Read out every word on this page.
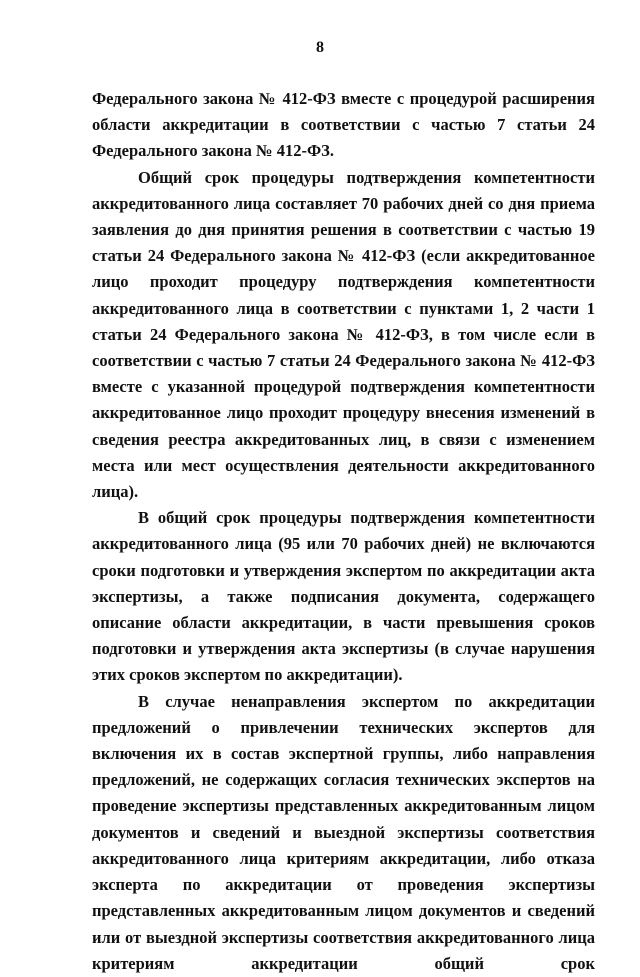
8

Федерального закона № 412-ФЗ вместе с процедурой расширения области аккредитации в соответствии с частью 7 статьи 24 Федерального закона № 412-ФЗ.

Общий срок процедуры подтверждения компетентности аккредитованного лица составляет 70 рабочих дней со дня приема заявления до дня принятия решения в соответствии с частью 19 статьи 24 Федерального закона № 412-ФЗ (если аккредитованное лицо проходит процедуру подтверждения компетентности аккредитованного лица в соответствии с пунктами 1, 2 части 1 статьи 24 Федерального закона № 412-ФЗ, в том числе если в соответствии с частью 7 статьи 24 Федерального закона № 412-ФЗ вместе с указанной процедурой подтверждения компетентности аккредитованное лицо проходит процедуру внесения изменений в сведения реестра аккредитованных лиц, в связи с изменением места или мест осуществления деятельности аккредитованного лица).

В общий срок процедуры подтверждения компетентности аккредитованного лица (95 или 70 рабочих дней) не включаются сроки подготовки и утверждения экспертом по аккредитации акта экспертизы, а также подписания документа, содержащего описание области аккредитации, в части превышения сроков подготовки и утверждения акта экспертизы (в случае нарушения этих сроков экспертом по аккредитации).

В случае ненаправления экспертом по аккредитации предложений о привлечении технических экспертов для включения их в состав экспертной группы, либо направления предложений, не содержащих согласия технических экспертов на проведение экспертизы представленных аккредитованным лицом документов и сведений и выездной экспертизы соответствия аккредитованного лица критериям аккредитации, либо отказа эксперта по аккредитации от проведения экспертизы представленных аккредитованным лицом документов и сведений или от выездной экспертизы соответствия аккредитованного лица критериям аккредитации общий срок
